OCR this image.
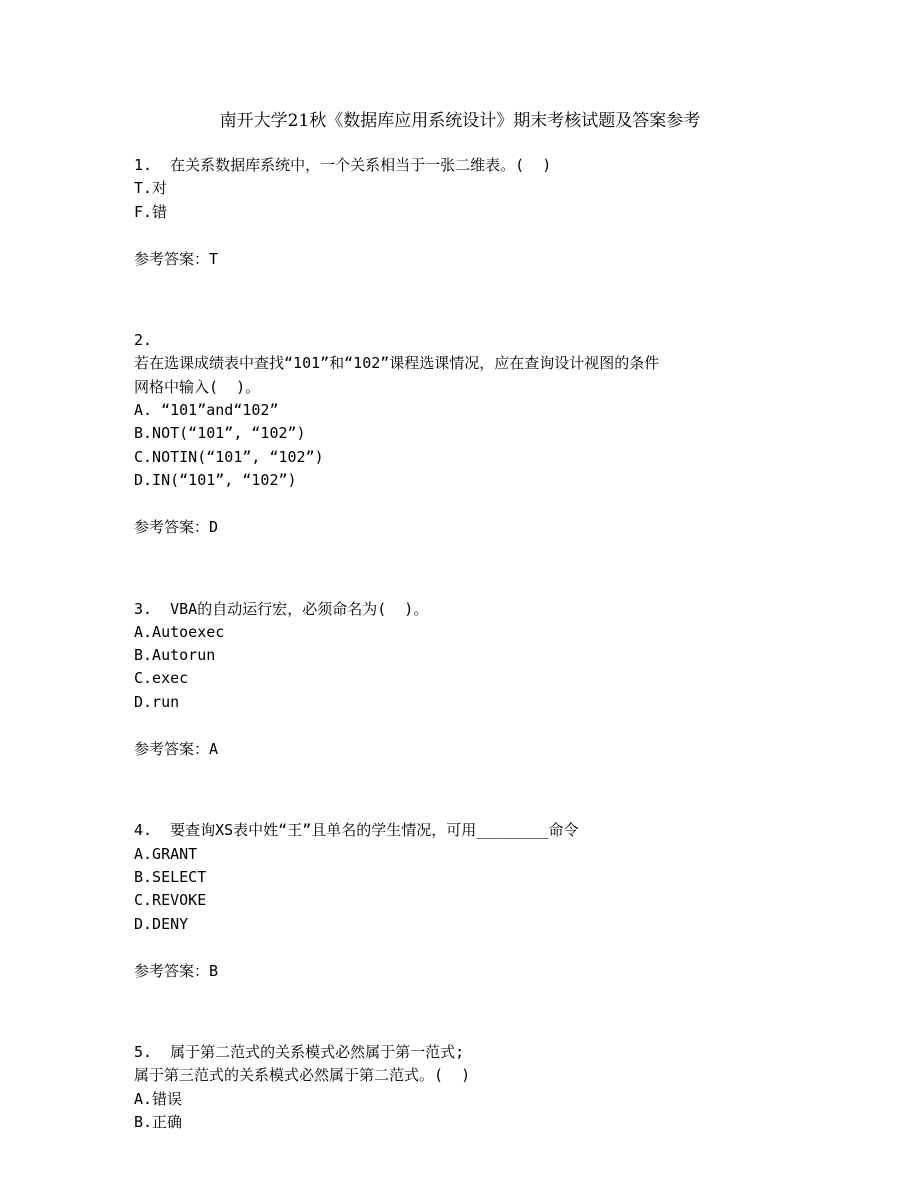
南开大学21秋《数据库应用系统设计》期末考核试题及答案参考
1.  在关系数据库系统中，一个关系相当于一张二维表。(  )
T.对
F.错
参考答案：T
2.
若在选课成绩表中查找“101”和“102”课程选课情况，应在查询设计视图的条件
网格中输入(  )。
A. “101”and“102”
B.NOT(“101”, “102”)
C.NOTIN(“101”, “102”)
D.IN(“101”, “102”)
参考答案：D
3.  VBA的自动运行宏，必须命名为(  )。
A.Autoexec
B.Autorun
C.exec
D.run
参考答案：A
4.  要查询XS表中姓“王”且单名的学生情况，可用________命令
A.GRANT
B.SELECT
C.REVOKE
D.DENY
参考答案：B
5.  属于第二范式的关系模式必然属于第一范式;
属于第三范式的关系模式必然属于第二范式。(  )
A.错误
B.正确
